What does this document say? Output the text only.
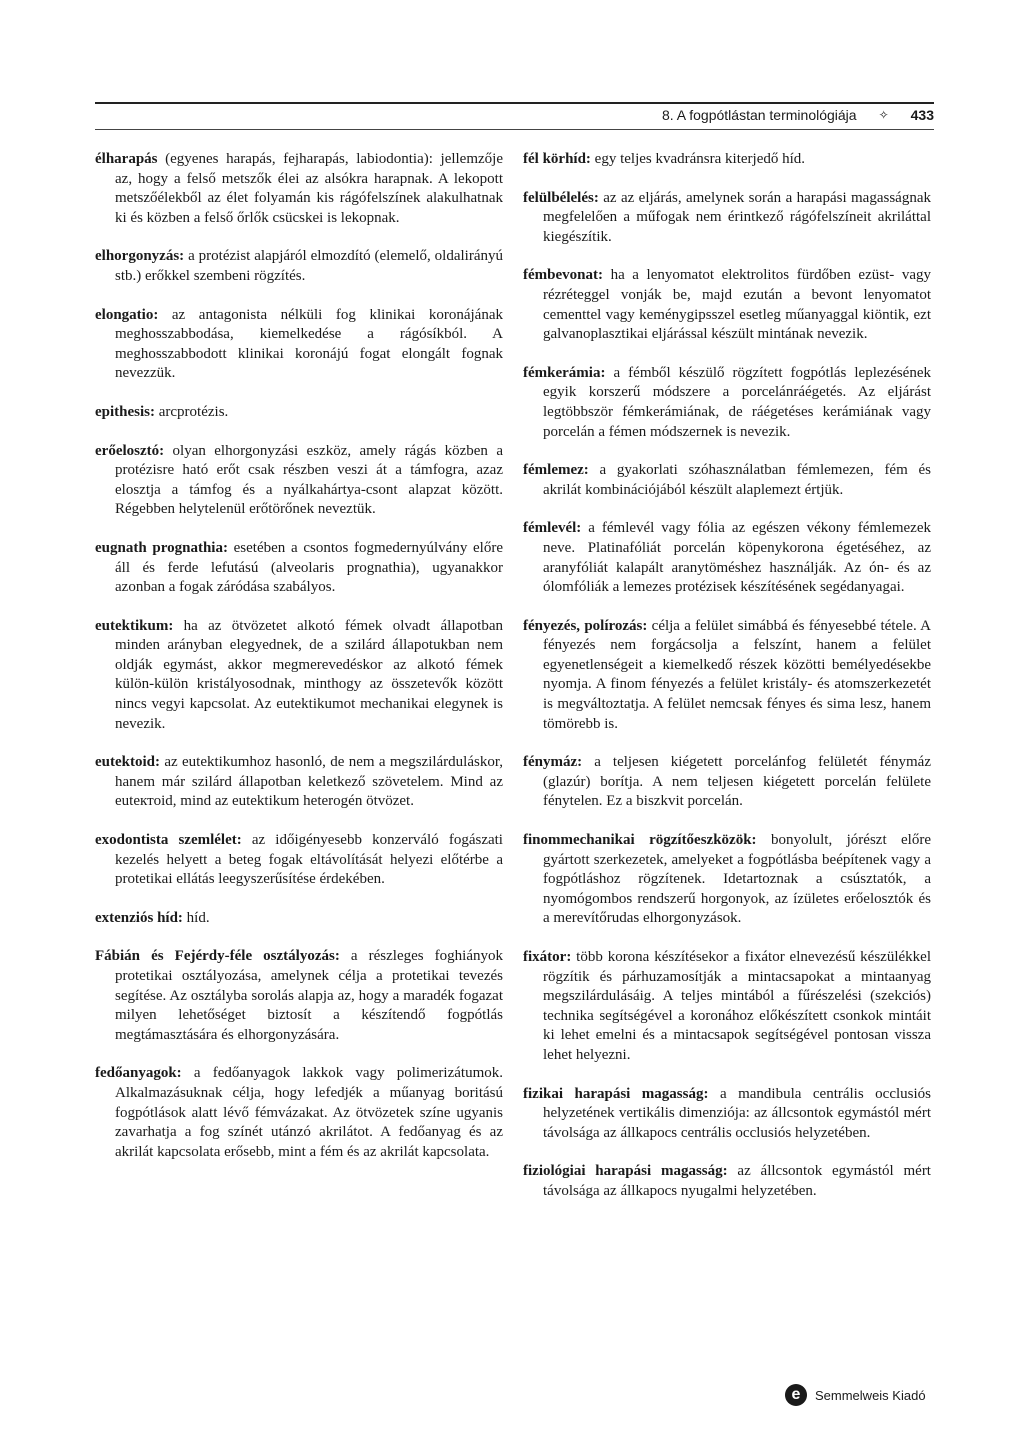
8. A fogpótlástan terminológiája ✧ 433

élharapás (egyenes harapás, fejharapás, labiodontia): jellemzője az, hogy a felső metszők élei az alsókra harapnak. A lekopott metszőélekből az élet folyamán kis rágófelszínek alakulhatnak ki és közben a felső őrlők csücskei is lekopnak.

elhorgonyzás: a protézist alapjáról elmozdító (elemelő, oldalirányú stb.) erőkkel szembeni rögzítés.

elongatio: az antagonista nélküli fog klinikai koronájának meghosszabbodása, kiemelkedése a rágósíkból. A meghosszabbodott klinikai koronájú fogat elongált fognak nevezzük.

epithesis: arcprotézis.

erőelosztó: olyan elhorgonyzási eszköz, amely rágás közben a protézisre ható erőt csak részben veszi át a támfogra, azaz elosztja a támfog és a nyálkahártya-csont alapzat között. Régebben helytelenül erőtörőnek neveztük.

eugnath prognathia: esetében a csontos fogmedernyúlvány előre áll és ferde lefutású (alveolaris prognathia), ugyanakkor azonban a fogak záródása szabályos.

eutektikum: ha az ötvözetet alkotó fémek olvadt állapotban minden arányban elegyednek, de a szilárd állapotukban nem oldják egymást, akkor megmerevedéskor az alkotó fémek külön-külön kristályosodnak, minthogy az összetevők között nincs vegyi kapcsolat. Az eutektikumot mechanikai elegynek is nevezik.

eutektoid: az eutektikumhoz hasonló, de nem a megszilárduláskor, hanem már szilárd állapotban keletkező szövetelem. Mind az euteктoid, mind az eutektikum heterogén ötvözet.

exodontista szemlélet: az időigényesebb konzerváló fogászati kezelés helyett a beteg fogak eltávolítását helyezi előtérbe a protetikai ellátás leegyszerűsítése érdekében.

extenziós híd: híd.

Fábián és Fejérdy-féle osztályozás: a részleges foghiányok protetikai osztályozása, amelynek célja a protetikai tevezés segítése. Az osztályba sorolás alapja az, hogy a maradék fogazat milyen lehetőséget biztosít a készítendő fogpótlás megtámasztására és elhorgonyzására.

fedőanyagok: a fedőanyagok lakkok vagy polimerizátumok. Alkalmazásuknak célja, hogy lefedjék a műanyag boritású fogpótlások alatt lévő fémvázakat. Az ötvözetek színe ugyanis zavarhatja a fog színét utánzó akrilátot. A fedőanyag és az akrilát kapcsolata erősebb, mint a fém és az akrilát kapcsolata.

fél körhíd: egy teljes kvadránsra kiterjedő híd.

felülbélelés: az az eljárás, amelynek során a harapási magasságnak megfelelően a műfogak nem érintkező rágófelszíneit akriláttal kiegészítik.

fémbevonat: ha a lenyomatot elektrolitos fürdőben ezüst- vagy rézréteggel vonják be, majd ezután a bevont lenyomatot cementtel vagy keménygipsszel esetleg műanyaggal kiöntik, ezt galvanoplasztikai eljárással készült mintának nevezik.

fémkerámia: a fémből készülő rögzített fogpótlás leplezésének egyik korszerű módszere a porcelánráégetés. Az eljárást legtöbbször fémkerámiának, de ráégetéses kerámiának vagy porcelán a fémen módszernek is nevezik.

fémlemez: a gyakorlati szóhasználatban fémlemezen, fém és akrilát kombinációjából készült alaplemezt értjük.

fémlevél: a fémlevél vagy fólia az egészen vékony fémlemezek neve. Platinafóliát porcelán köpenykorona égetéséhez, az aranyfóliát kalapált aranytöméshez használják. Az ón- és az ólomfóliák a lemezes protézisek készítésének segédanyagai.

fényezés, polírozás: célja a felület simábbá és fényesebbé tétele. A fényezés nem forgácsolja a felszínt, hanem a felület egyenetlenségeit a kiemelkedő részek közötti bemélyedésekbe nyomja. A finom fényezés a felület kristály- és atomszerkezetét is megváltoztatja. A felület nemcsak fényes és sima lesz, hanem tömörebb is.

fénymáz: a teljesen kiégetett porcelánfog felületét fénymáz (glazúr) borítja. A nem teljesen kiégetett porcelán felülete fénytelen. Ez a biszkvit porcelán.

finommechanikai rögzítőeszközök: bonyolult, jórészt előre gyártott szerkezetek, amelyeket a fogpótlásba beépítenek vagy a fogpótláshoz rögzítenek. Idetartoznak a csúsztatók, a nyomógombos rendszerű horgonyok, az ízületes erőelosztók és a merevítőrudas elhorgonyzások.

fixátor: több korona készítésekor a fixátor elnevezésű készülékkel rögzítik és párhuzamosítják a mintacsapokat a mintaanyag megszilárdulásáig. A teljes mintából a fűrészelési (szekciós) technika segítségével a koronához előkészített csonkok mintáit ki lehet emelni és a mintacsapok segítségével pontosan vissza lehet helyezni.

fizikai harapási magasság: a mandibula centrális occlusiós helyzetének vertikális dimenziója: az állcsontok egymástól mért távolsága az állkapocs centrális occlusiós helyzetében.

fiziológiai harapási magasság: az állcsontok egymástól mért távolsága az állkapocs nyugalmi helyzetében.

e	Semmelweis Kiadó
